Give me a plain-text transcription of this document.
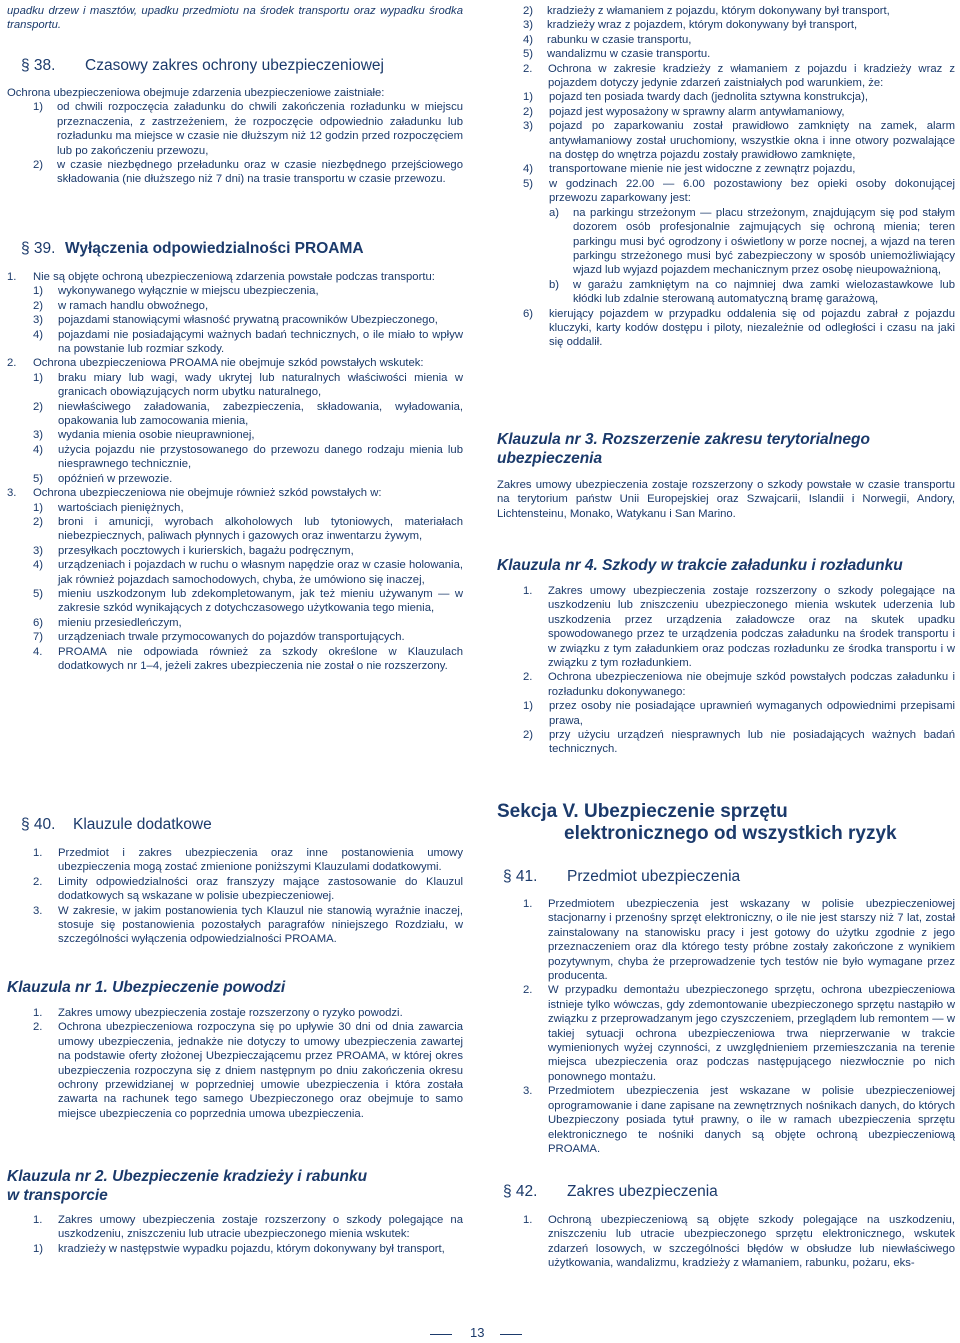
upadku drzew i masztów, upadku przedmiotu na środek transportu oraz wypadku środka transportu.

§ 38. Czasowy zakres ochrony ubezpieczeniowej

Ochrona ubezpieczeniowa obejmuje zdarzenia ubezpieczeniowe zaistniałe:

1) od chwili rozpoczęcia załadunku do chwili zakończenia rozładunku w miejscu przeznaczenia, z zastrzeżeniem, że rozpoczęcie odpowiednio załadunku lub rozładunku ma miejsce w czasie nie dłuższym niż 12 godzin przed rozpoczęciem lub po zakończeniu przewozu,
2) w czasie niezbędnego przeładunku oraz w czasie niezbędnego przejściowego składowania (nie dłuższego niż 7 dni) na trasie transportu w czasie przewozu.
§ 39. Wyłączenia odpowiedzialności PROAMA
1. Nie są objęte ochroną ubezpieczeniową zdarzenia powstałe podczas transportu:
1) wykonywanego wyłącznie w miejscu ubezpieczenia,
2) w ramach handlu obwoźnego,
3) pojazdami stanowiącymi własność prywatną pracowników Ubezpieczonego,
4) pojazdami nie posiadającymi ważnych badań technicznych, o ile miało to wpływ na powstanie lub rozmiar szkody.
2. Ochrona ubezpieczeniowa PROAMA nie obejmuje szkód powstałych wskutek:
1) braku miary lub wagi, wady ukrytej lub naturalnych właściwości mienia w granicach obowiązujących norm ubytku naturalnego,
2) niewłaściwego załadowania, zabezpieczenia, składowania, wyładowania, opakowania lub zamocowania mienia,
3) wydania mienia osobie nieuprawnionej,
4) użycia pojazdu nie przystosowanego do przewozu danego rodzaju mienia lub niesprawnego technicznie,
5) opóźnień w przewozie.
3. Ochrona ubezpieczeniowa nie obejmuje również szkód powstałych w:
1) wartościach pieniężnych,
2) broni i amunicji, wyrobach alkoholowych lub tytoniowych, materiałach niebezpiecznych, paliwach płynnych i gazowych oraz inwentarzu żywym,
3) przesyłkach pocztowych i kurierskich, bagażu podręcznym,
4) urządzeniach i pojazdach w ruchu o własnym napędzie oraz w czasie holowania, jak również pojazdach samochodowych, chyba, że umówiono się inaczej,
5) mieniu uszkodzonym lub zdekompletowanym, jak też mieniu używanym — w zakresie szkód wynikających z dotychczasowego użytkowania tego mienia,
6) mieniu przesiedleńczym,
7) urządzeniach trwale przymocowanych do pojazdów transportujących.
4. PROAMA nie odpowiada również za szkody określone w Klauzulach dodatkowych nr 1–4, jeżeli zakres ubezpieczenia nie został o nie rozszerzony.
§ 40. Klauzule dodatkowe
1. Przedmiot i zakres ubezpieczenia oraz inne postanowienia umowy ubezpieczenia mogą zostać zmienione poniższymi Klauzulami dodatkowymi.
2. Limity odpowiedzialności oraz franszyzy mające zastosowanie do Klauzul dodatkowych są wskazane w polisie ubezpieczeniowej.
3. W zakresie, w jakim postanowienia tych Klauzul nie stanowią wyraźnie inaczej, stosuje się postanowienia pozostałych paragrafów niniejszego Rozdziału, w szczególności wyłączenia odpowiedzialności PROAMA.
Klauzula nr 1. Ubezpieczenie powodzi
1. Zakres umowy ubezpieczenia zostaje rozszerzony o ryzyko powodzi.
2. Ochrona ubezpieczeniowa rozpoczyna się po upływie 30 dni od dnia zawarcia umowy ubezpieczenia, jednakże nie dotyczy to umowy ubezpieczenia zawartej na podstawie oferty złożonej Ubezpieczającemu przez PROAMA, w której okres ubezpieczenia rozpoczyna się z dniem następnym po dniu zakończenia okresu ochrony przewidzianej w poprzedniej umowie ubezpieczenia i która została zawarta na rachunek tego samego Ubezpieczonego oraz obejmuje to samo miejsce ubezpieczenia co poprzednia umowa ubezpieczenia.
Klauzula nr 2. Ubezpieczenie kradzieży i rabunku
w transporcie
1. Zakres umowy ubezpieczenia zostaje rozszerzony o szkody polegające na uszkodzeniu, zniszczeniu lub utracie ubezpieczonego mienia wskutek:
1) kradzieży w następstwie wypadku pojazdu, którym dokonywany był transport,
2) kradzieży z włamaniem z pojazdu, którym dokonywany był transport,
3) kradzieży wraz z pojazdem, którym dokonywany był transport,
4) rabunku w czasie transportu,
5) wandalizmu w czasie transportu.
2. Ochrona w zakresie kradzieży z włamaniem z pojazdu i kradzieży wraz z pojazdem dotyczy jedynie zdarzeń zaistniałych pod warunkiem, że:
1) pojazd ten posiada twardy dach (jednolita sztywna konstrukcja),
2) pojazd jest wyposażony w sprawny alarm antywłamaniowy,
3) pojazd po zaparkowaniu został prawidłowo zamknięty na zamek, alarm antywłamaniowy został uruchomiony, wszystkie okna i inne otwory pozwalające na dostęp do wnętrza pojazdu zostały prawidłowo zamknięte,
4) transportowane mienie nie jest widoczne z zewnątrz pojazdu,
5) w godzinach 22.00 — 6.00 pozostawiony bez opieki osoby dokonującej przewozu zaparkowany jest:
a) na parkingu strzeżonym — placu strzeżonym, znajdującym się pod stałym dozorem osób profesjonalnie zajmujących się ochroną mienia; teren parkingu musi być ogrodzony i oświetlony w porze nocnej, a wjazd na teren parkingu strzeżonego musi być zabezpieczony w sposób uniemożliwiający wjazd lub wyjazd pojazdem mechanicznym przez osobę nieupoważnioną,
b) w garażu zamkniętym na co najmniej dwa zamki wielozastawkowe lub kłódki lub zdalnie sterowaną automatyczną bramę garażową,
6) kierujący pojazdem w przypadku oddalenia się od pojazdu zabrał z pojazdu kluczyki, karty kodów dostępu i piloty, niezależnie od odległości i czasu na jaki się oddalił.
Klauzula nr 3. Rozszerzenie zakresu terytorialnego
ubezpieczenia

Zakres umowy ubezpieczenia zostaje rozszerzony o szkody powstałe w czasie transportu na terytorium państw Unii Europejskiej oraz Szwajcarii, Islandii i Norwegii, Andory, Lichtensteinu, Monako, Watykanu i San Marino.

Klauzula nr 4. Szkody w trakcie załadunku i rozładunku
1. Zakres umowy ubezpieczenia zostaje rozszerzony o szkody polegające na uszkodzeniu lub zniszczeniu ubezpieczonego mienia wskutek uderzenia lub uszkodzenia przez urządzenia załadowcze oraz na skutek upadku spowodowanego przez te urządzenia podczas załadunku na środek transportu i w związku z tym załadunkiem oraz podczas rozładunku ze środka transportu i w związku z tym rozładunkiem.
2. Ochrona ubezpieczeniowa nie obejmuje szkód powstałych podczas załadunku i rozładunku dokonywanego:
1) przez osoby nie posiadające uprawnień wymaganych odpowiednimi przepisami prawa,
2) przy użyciu urządzeń niesprawnych lub nie posiadających ważnych badań technicznych.
Sekcja V. Ubezpieczenie sprzętu
elektronicznego od wszystkich ryzyk
§ 41. Przedmiot ubezpieczenia
1. Przedmiotem ubezpieczenia jest wskazany w polisie ubezpieczeniowej stacjonarny i przenośny sprzęt elektroniczny, o ile nie jest starszy niż 7 lat, został zainstalowany na stanowisku pracy i jest gotowy do użytku zgodnie z jego przeznaczeniem oraz dla którego testy próbne zostały zakończone z wynikiem pozytywnym, chyba że przeprowadzenie tych testów nie było wymagane przez producenta.
2. W przypadku demontażu ubezpieczonego sprzętu, ochrona ubezpieczeniowa istnieje tylko wówczas, gdy zdemontowanie ubezpieczonego sprzętu nastąpiło w związku z przeprowadzanym jego czyszczeniem, przeglądem lub remontem — w takiej sytuacji ochrona ubezpieczeniowa trwa nieprzerwanie w trakcie wymienionych wyżej czynności, z uwzględnieniem przemieszczania na terenie miejsca ubezpieczenia oraz podczas następującego niezwłocznie po nich ponownego montażu.
3. Przedmiotem ubezpieczenia jest wskazane w polisie ubezpieczeniowej oprogramowanie i dane zapisane na zewnętrznych nośnikach danych, do których Ubezpieczony posiada tytuł prawny, o ile w ramach ubezpieczenia sprzętu elektronicznego te nośniki danych są objęte ochroną ubezpieczeniową PROAMA.
§ 42. Zakres ubezpieczenia
1. Ochroną ubezpieczeniową są objęte szkody polegające na uszkodzeniu, zniszczeniu lub utracie ubezpieczonego sprzętu elektronicznego, wskutek zdarzeń losowych, w szczególności błędów w obsłudze lub niewłaściwego użytkowania, wandalizmu, kradzieży z włamaniem, rabunku, pożaru, eks-
13
